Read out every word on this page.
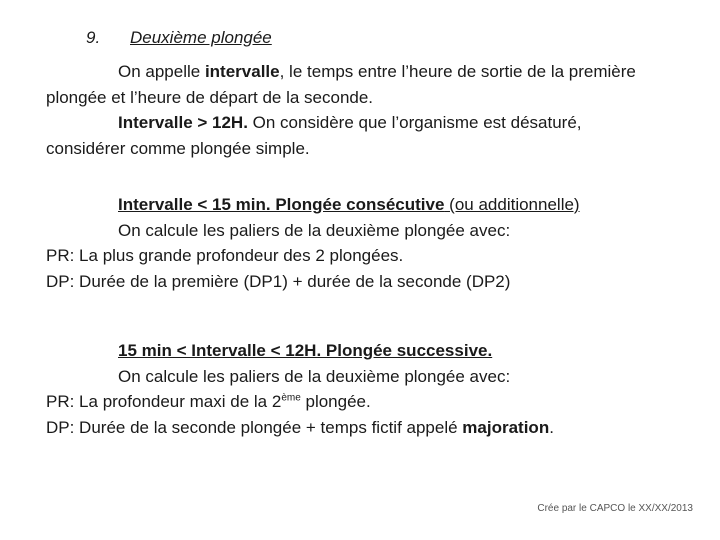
9. Deuxième plongée
On appelle intervalle, le temps entre l’heure de sortie de la première
plongée et l’heure de départ de la seconde.
Intervalle > 12H. On considère que l’organisme est désaturé,
considérer comme plongée simple.
Intervalle < 15 min. Plongée consécutive (ou additionnelle)
On calcule les paliers de la deuxième plongée avec:
PR: La plus grande profondeur des 2 plongées.
DP: Durée de la première (DP1) + durée de la seconde (DP2)
15 min < Intervalle < 12H. Plongée successive.
On calcule les paliers de la deuxième plongée avec:
PR: La profondeur maxi de la 2ème plongée.
DP: Durée de la seconde plongée + temps fictif appelé majoration.
Crée par le CAPCO le XX/XX/2013
